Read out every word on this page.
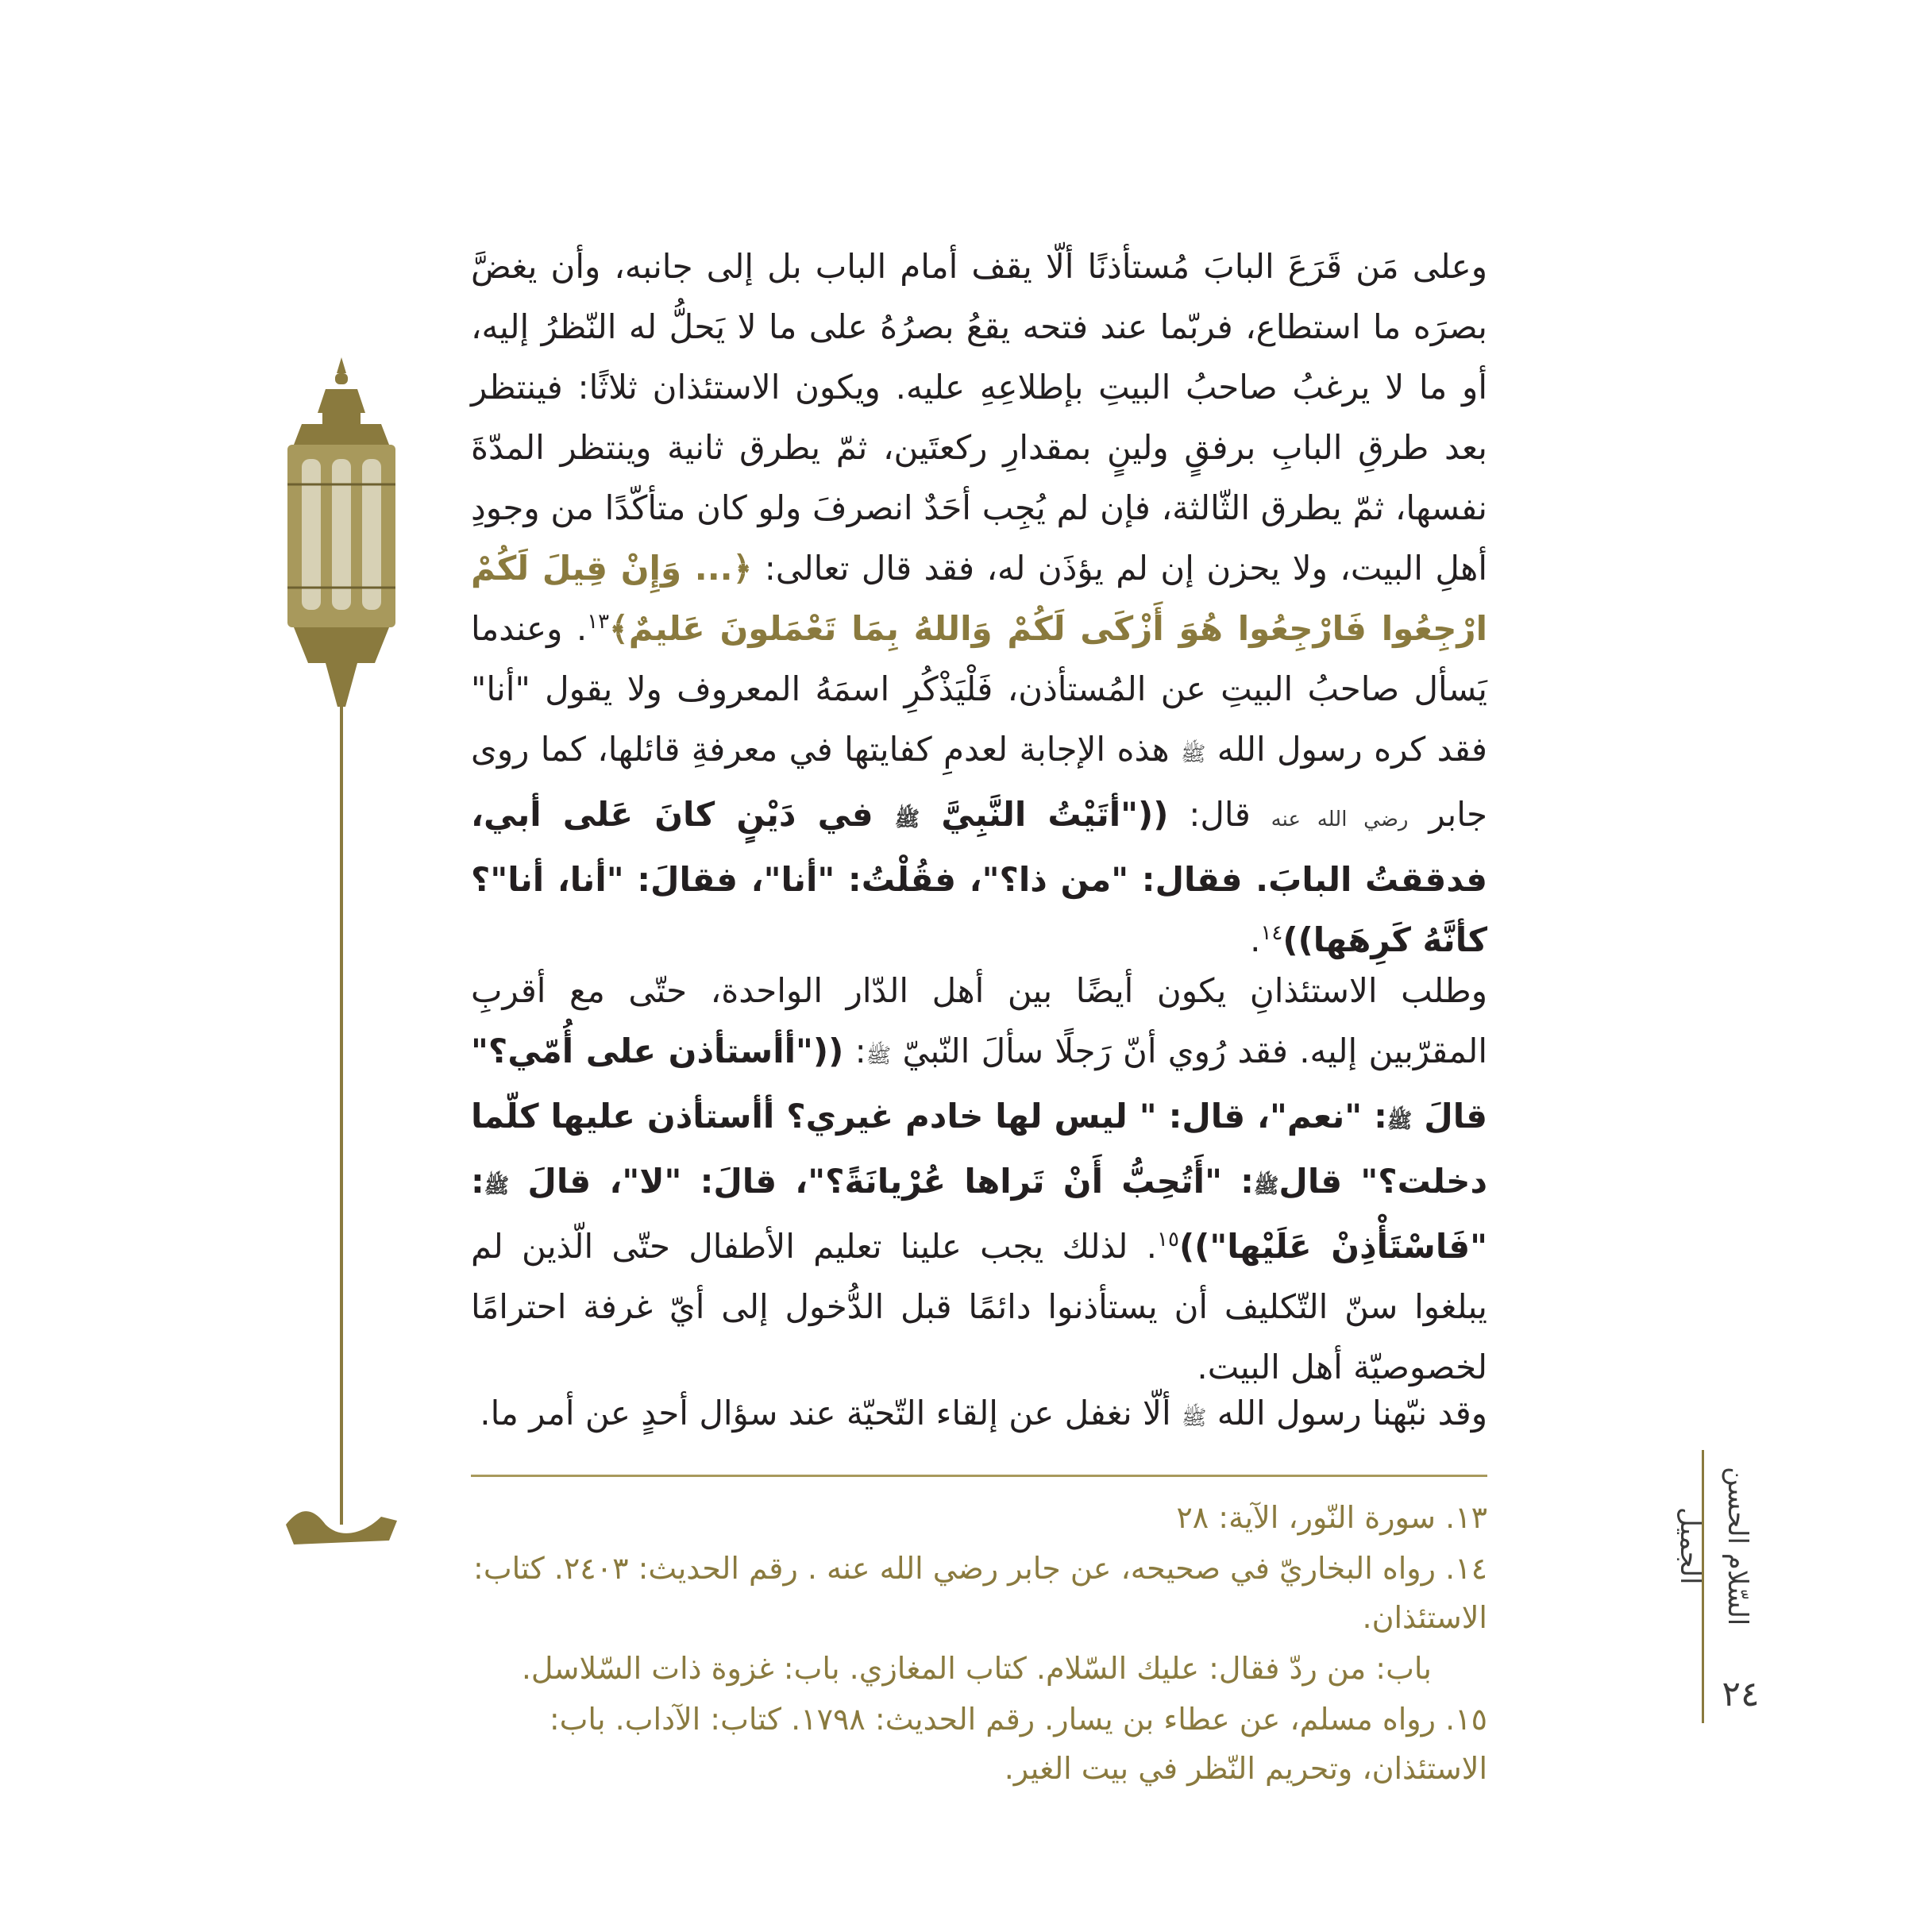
وعلى مَن قَرَعَ البابَ مُستأذنًا ألّا يقف أمام الباب بل إلى جانبه، وأن يغضَّ بصرَه ما استطاع، فربّما عند فتحه يقعُ بصرُهُ على ما لا يَحلُّ له النّظرُ إليه، أو ما لا يرغبُ صاحبُ البيتِ بإطلاعِهِ عليه. ويكون الاستئذان ثلاثًا: فينتظر بعد طرقِ البابِ برفقٍ ولينٍ بمقدارِ ركعتَين، ثمّ يطرق ثانية وينتظر المدّةَ نفسها، ثمّ يطرق الثّالثة، فإن لم يُجِب أحَدٌ انصرفَ ولو كان متأكّدًا من وجودِ أهلِ البيت، ولا يحزن إن لم يؤذَن له، فقد قال تعالى: ﴿... وَإِنْ قِيلَ لَكُمْ ارْجِعُوا فَارْجِعُوا هُوَ أَزْكَى لَكُمْ وَاللهُ بِمَا تَعْمَلونَ عَليمٌ﴾$^{١٣}$. وعندما يَسأل صاحبُ البيتِ عن المُستأذن، فَلْيَذْكُرِ اسمَهُ المعروف ولا يقول "أنا" فقد كره رسول الله ﷺ هذه الإجابة لعدمِ كفايتها في معرفةِ قائلها، كما روى جابر رضي الله عنه قال: (("أتَيْتُ النَّبِيَّ ﷺ في دَيْنٍ كانَ عَلى أبي، فدققتُ البابَ. فقال: "من ذا؟"، فقُلْتُ: "أنا"، فقالَ: "أنا، أنا"؟ كأنَّهُ كَرِهَها))$^{١٤}$.

وطلب الاستئذانِ يكون أيضًا بين أهل الدّار الواحدة، حتّى مع أقربِ المقرّبين إليه. فقد رُوي أنّ رَجلًا سألَ النّبيّ ﷺ: (("أأستأذن على أُمّي؟" قالَ ﷺ: "نعم"، قال: " ليس لها خادم غيري؟ أأستأذن عليها كلّما دخلت؟" قالﷺ: "أَتُحِبُّ أَنْ تَراها عُرْيانَةً؟"، قالَ: "لا"، قالَ ﷺ: "فَاسْتَأْذِنْ عَلَيْها"))$^{١٥}$. لذلك يجب علينا تعليم الأطفال حتّى الّذين لم يبلغوا سنّ التّكليف أن يستأذنوا دائمًا قبل الدُّخول إلى أيّ غرفة احترامًا لخصوصيّة أهل البيت.

وقد نبّهنا رسول الله ﷺ ألّا نغفل عن إلقاء التّحيّة عند سؤال أحدٍ عن أمر ما.

١٣. سورة النّور، الآية: ٢٨
١٤. رواه البخاريّ في صحيحه، عن جابر رضي الله عنه . رقم الحديث: ٢٤٠٣. كتاب: الاستئذان.
باب: من ردّ فقال: عليك السّلام. كتاب المغازي. باب: غزوة ذات السّلاسل.
١٥. رواه مسلم، عن عطاء بن يسار. رقم الحديث: ١٧٩٨. كتاب: الآداب. باب: الاستئذان، وتحريم النّظر في بيت الغير.
السّلام الحسن الجميل
٢٤
